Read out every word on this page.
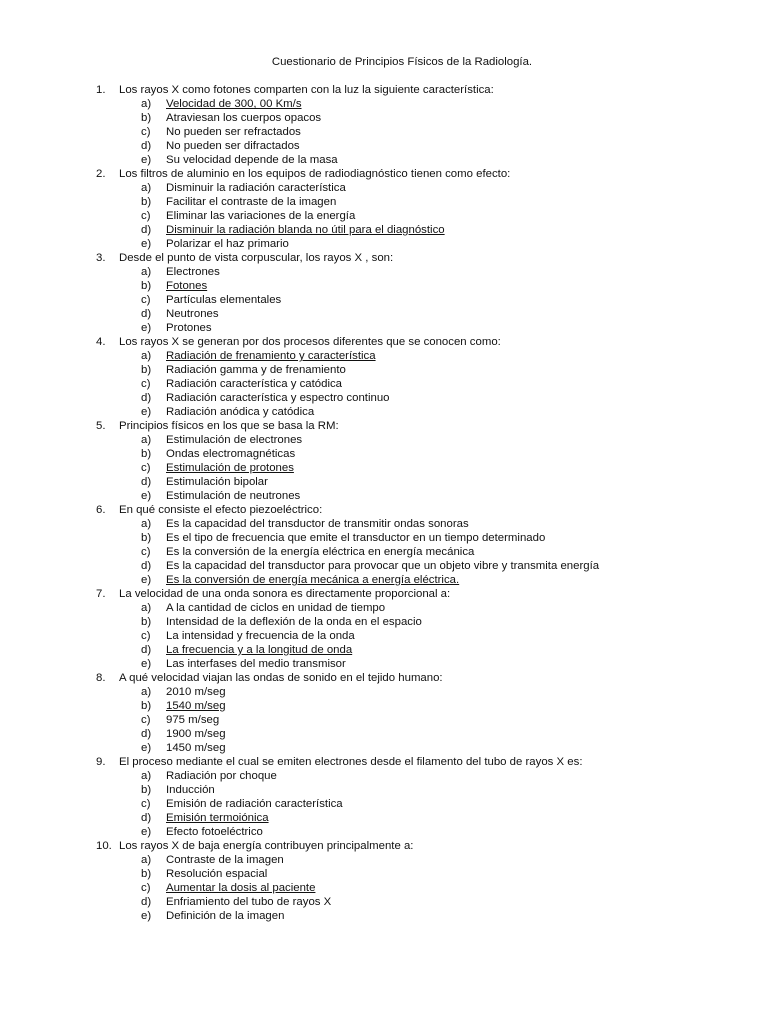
Cuestionario de Principios Físicos de la Radiología.
1. Los rayos X como fotones comparten con la luz la siguiente característica:
a) Velocidad de 300, 00 Km/s
b) Atraviesan los cuerpos opacos
c) No pueden ser refractados
d) No pueden ser difractados
e) Su velocidad depende de la masa
2. Los filtros de aluminio en los equipos de radiodiagnóstico tienen como efecto:
a) Disminuir la radiación característica
b) Facilitar el contraste de la imagen
c) Eliminar las variaciones de la energía
d) Disminuir la radiación blanda no útil para el diagnóstico
e) Polarizar el haz primario
3. Desde el punto de vista corpuscular, los rayos X , son:
a) Electrones
b) Fotones
c) Partículas elementales
d) Neutrones
e) Protones
4. Los rayos X se generan por dos procesos diferentes que se conocen como:
a) Radiación de frenamiento y característica
b) Radiación gamma y de frenamiento
c) Radiación característica y catódica
d) Radiación característica y espectro continuo
e) Radiación anódica y catódica
5. Principios físicos en los que se basa la RM:
a) Estimulación de electrones
b) Ondas electromagnéticas
c) Estimulación de protones
d) Estimulación bipolar
e) Estimulación de neutrones
6. En qué consiste el efecto piezoeléctrico:
a) Es la capacidad del transductor de transmitir ondas sonoras
b) Es el tipo de frecuencia que emite el transductor en un tiempo determinado
c) Es la conversión de la energía eléctrica en energía mecánica
d) Es la capacidad del transductor para provocar que un objeto vibre y transmita energía
e) Es la conversión de energía mecánica a energía eléctrica.
7. La velocidad de una onda sonora es directamente proporcional a:
a) A la cantidad de ciclos en unidad de tiempo
b) Intensidad de la deflexión de la onda en el espacio
c) La intensidad y frecuencia de la onda
d) La frecuencia y a la longitud de onda
e) Las interfases del medio transmisor
8. A qué velocidad viajan las ondas de sonido en el tejido humano:
a) 2010 m/seg
b) 1540 m/seg
c) 975 m/seg
d) 1900 m/seg
e) 1450 m/seg
9. El proceso mediante el cual se emiten electrones desde el filamento del tubo de rayos X es:
a) Radiación por choque
b) Inducción
c) Emisión de radiación característica
d) Emisión termoiónica
e) Efecto fotoeléctrico
10. Los rayos X de baja energía contribuyen principalmente a:
a) Contraste de la imagen
b) Resolución espacial
c) Aumentar la dosis al paciente
d) Enfriamiento del tubo de rayos X
e) Definición de la imagen
